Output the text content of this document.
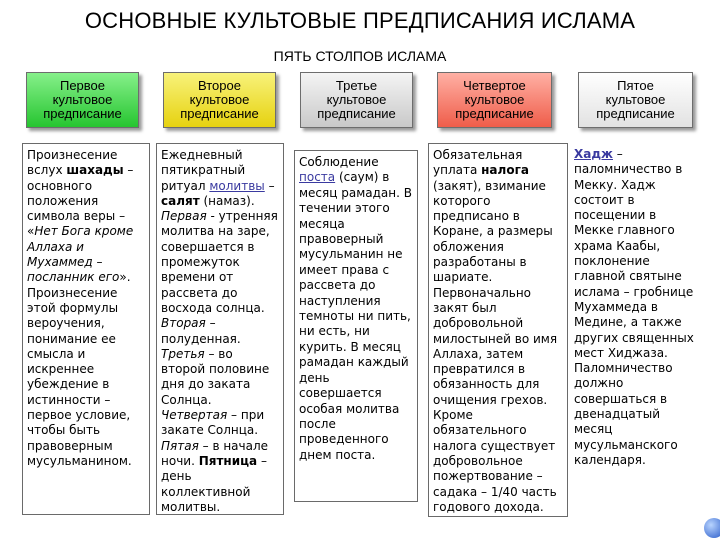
ОСНОВНЫЕ КУЛЬТОВЫЕ ПРЕДПИСАНИЯ ИСЛАМА
ПЯТЬ СТОЛПОВ ИСЛАМА
Первое
культовое
предписание
Второе
культовое
предписание
Третье
культовое
предписание
Четвертое
культовое
предписание
Пятое
культовое
предписание

Произнесение вслух шахады – основного положения символа веры – «Нет Бога кроме Аллаха и Мухаммед – посланник его». Произнесение этой формулы вероучения, понимание ее смысла и искреннее убеждение в истинности – первое условие, чтобы быть правоверным мусульманином.

Ежедневный пятикратный ритуал молитвы – салят (намаз). Первая - утренняя молитва на заре, совершается в промежуток времени от рассвета до восхода солнца. Вторая – полуденная. Третья – во второй половине дня до заката Солнца. Четвертая – при закате Солнца. Пятая – в начале ночи. Пятница – день коллективной молитвы.

Соблюдение поста (саум) в месяц рамадан. В течении этого месяца правоверный мусульманин не имеет права с рассвета до наступления темноты ни пить, ни есть, ни курить. В месяц рамадан каждый день совершается особая молитва после проведенного днем поста.

Обязательная уплата налога (закят), взимание которого предписано в Коране, а размеры обложения разработаны в шариате. Первоначально закят был добровольной милостыней во имя Аллаха, затем превратился в обязанность для очищения грехов. Кроме обязательного налога существует добровольное пожертвование – садака – 1/40 часть годового дохода.

Хадж – паломничество в Мекку. Хадж состоит в посещении в Мекке главного храма Каабы, поклонение главной святыне ислама – гробнице Мухаммеда в Медине, а также других священных мест Хиджаза. Паломничество должно совершаться в двенадцатый месяц мусульманского календаря.
